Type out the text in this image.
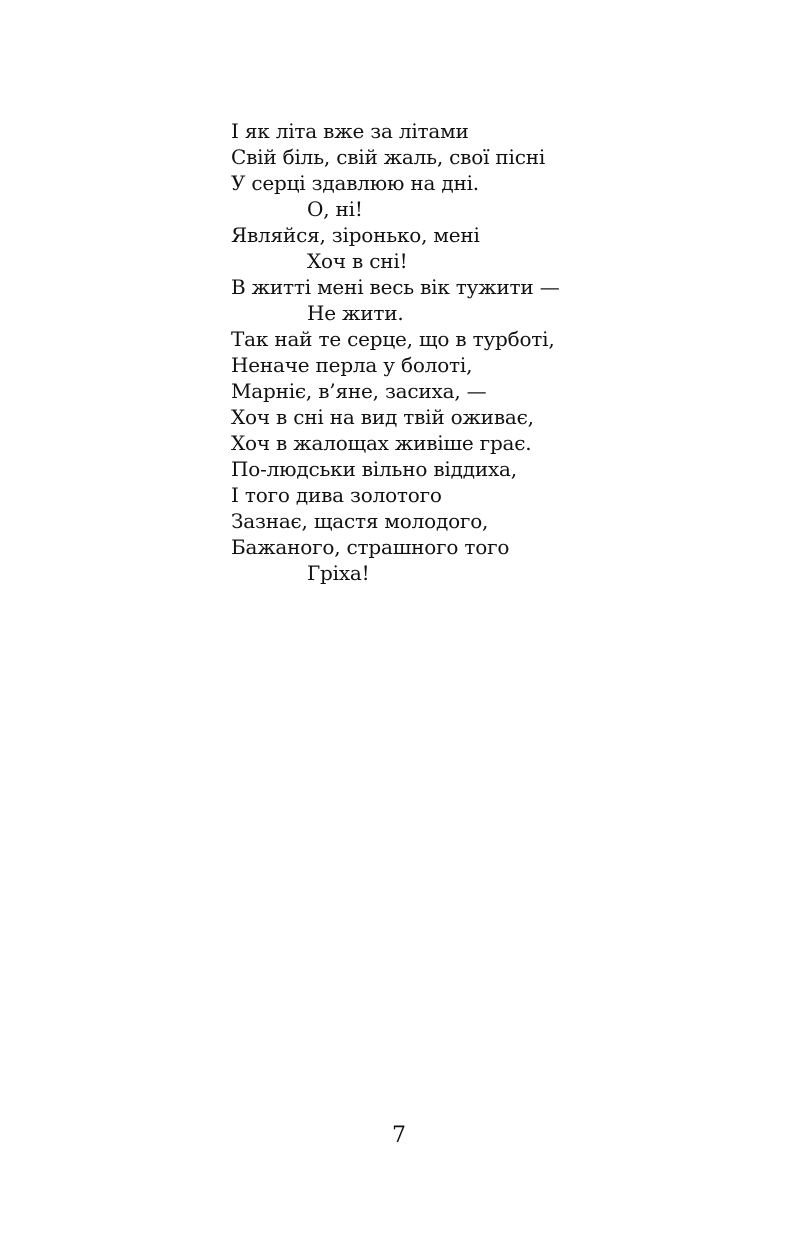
І як літа вже за літами
Свій біль, свій жаль, свої пісні
У серці здавлюю на дні.
О, ні!
Являйся, зіронько, мені
Хоч в сні!
В житті мені весь вік тужити —
Не жити.
Так най те серце, що в турботі,
Неначе перла у болоті,
Марніє, в’яне, засиха, —
Хоч в сні на вид твій оживає,
Хоч в жалощах живіше грає.
По-людськи вільно віддиха,
І того дива золотого
Зазнає, щастя молодого,
Бажаного, страшного того
Гріха!
7
